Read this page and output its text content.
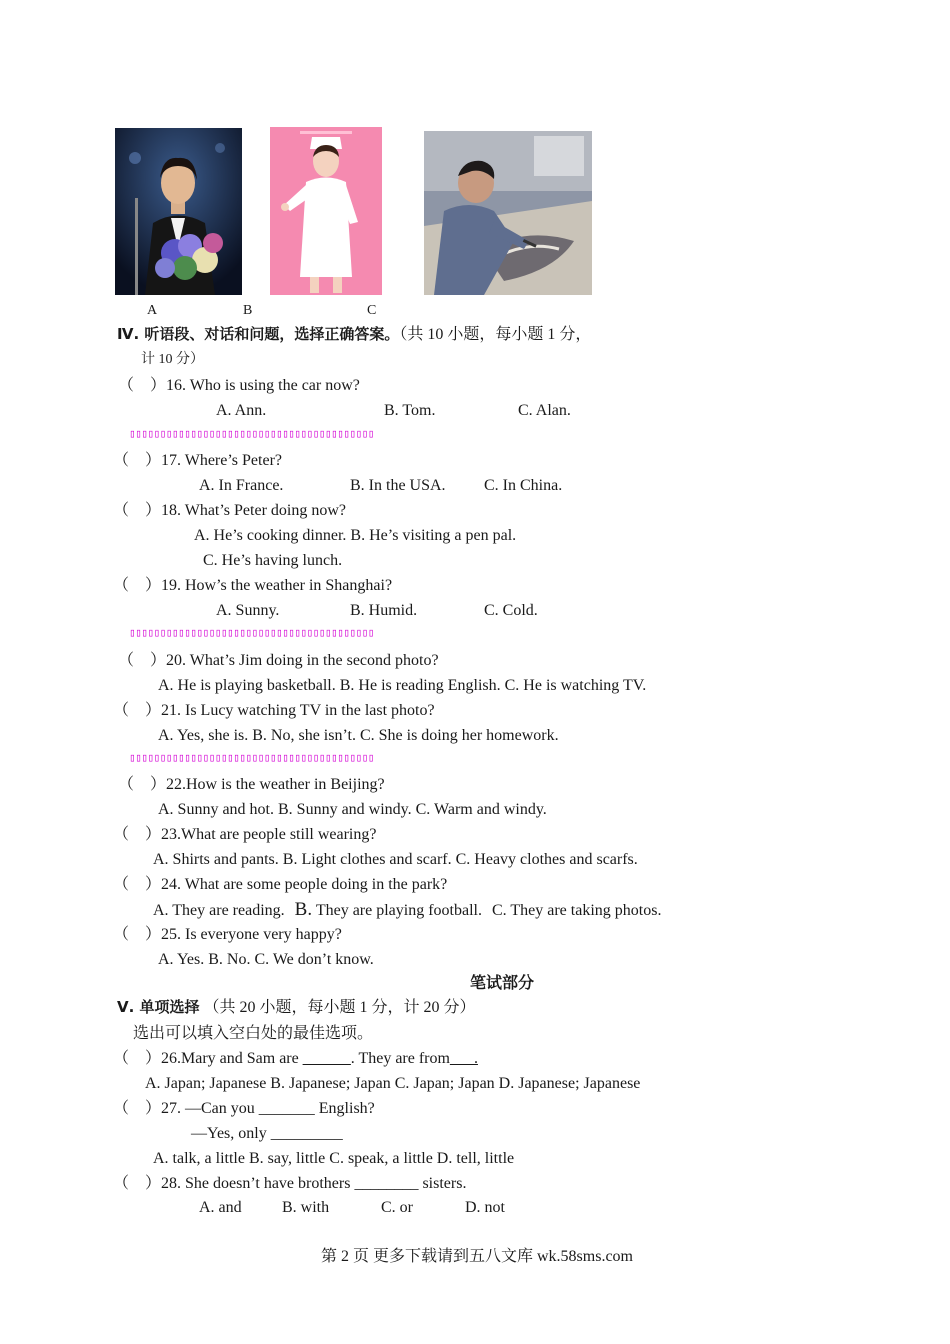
A	B	C
Ⅳ. 听语段、对话和问题，选择正确答案。（共 10 小题，每小题 1 分，
计 10 分）
（　） 16. Who is using the car now?
A. Ann.	B. Tom.	C. Alan.
▯▯▯▯▯▯▯▯▯▯▯▯▯▯▯▯▯▯▯▯▯▯▯▯▯▯▯▯▯▯▯▯▯▯▯▯▯▯▯▯
（　） 17. Where’s Peter?
A. In France.	B. In the USA. C. In China.
（　） 18. What’s Peter doing now?
A. He’s cooking dinner. B. He’s visiting a pen pal.
C. He’s having lunch.
（　） 19. How’s the weather in Shanghai?
A. Sunny.	B. Humid.	C. Cold.
▯▯▯▯▯▯▯▯▯▯▯▯▯▯▯▯▯▯▯▯▯▯▯▯▯▯▯▯▯▯▯▯▯▯▯▯▯▯▯▯
（　） 20. What’s Jim doing in the second photo?
A. He is playing basketball. B. He is reading English. C. He is watching TV.
（　） 21. Is Lucy watching TV in the last photo?
A. Yes, she is. B. No, she isn’t. C. She is doing her homework.
▯▯▯▯▯▯▯▯▯▯▯▯▯▯▯▯▯▯▯▯▯▯▯▯▯▯▯▯▯▯▯▯▯▯▯▯▯▯▯▯
（　） 22.How is the weather in Beijing?
A. Sunny and hot. B. Sunny and windy. C. Warm and windy.
（　） 23.What are people still wearing?
A. Shirts and pants. B. Light clothes and scarf. C. Heavy clothes and scarfs.
（　） 24. What are some people doing in the park?
A. They are reading. B. They are playing football. C. They are taking photos.
（　） 25. Is everyone very happy?
A. Yes. B. No. C. We don’t know.
笔试部分
Ⅴ. 单项选择 （共 20 小题，每小题 1 分，计 20 分）
选出可以填入空白处的最佳选项。
（　） 26.Mary and Sam are ______. They are from___.
A. Japan; Japanese B. Japanese; Japan C. Japan; Japan D. Japanese; Japanese
（　） 27. —Can you _______ English?
—Yes, only _________
A. talk, a little B. say, little C. speak, a little D. tell, little
（　） 28. She doesn’t have brothers ________ sisters.
A. and	B. with	C. or	D. not
第 2 页 更多下载请到五八文库 wk.58sms.com
